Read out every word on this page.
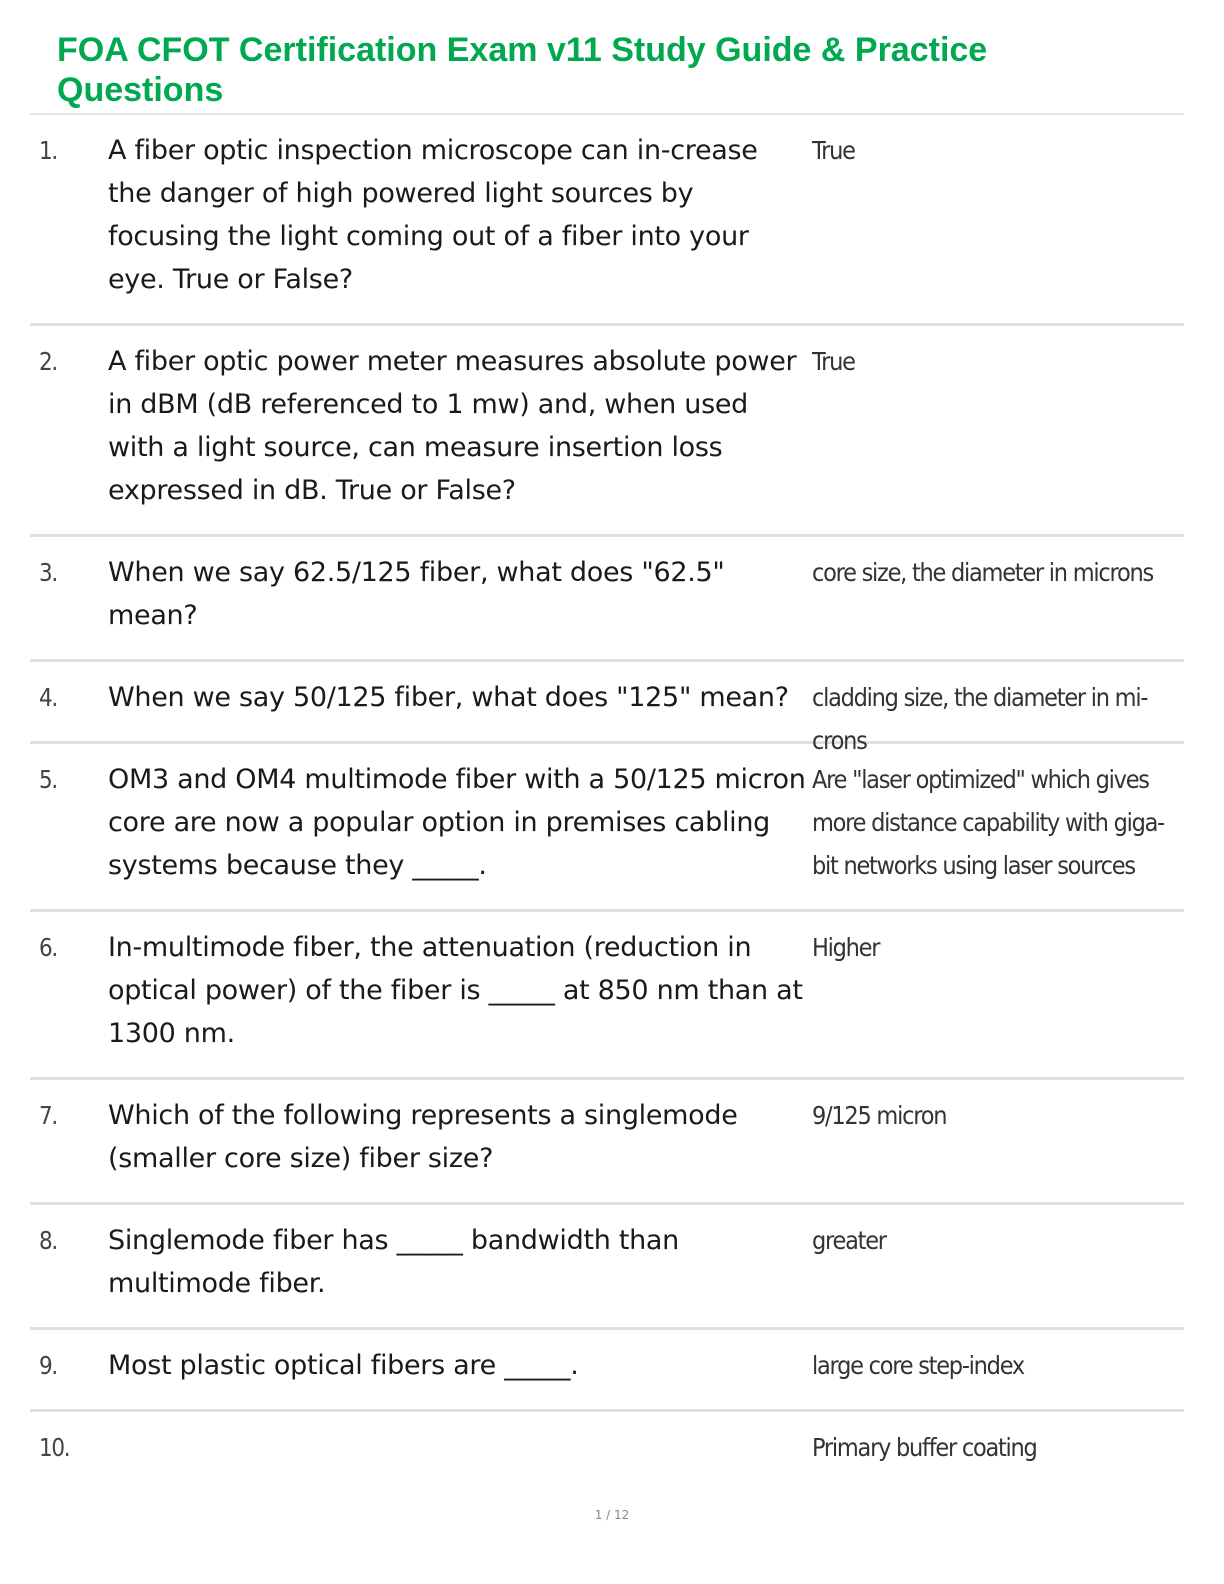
FOA CFOT Certification Exam v11 Study Guide & Practice Questions
1. A fiber optic inspection microscope can in-crease the danger of high powered light sources by focusing the light coming out of a fiber into your eye. True or False?
True
2. A fiber optic power meter measures absolute power in dBM (dB referenced to 1 mw) and, when used with a light source, can measure insertion loss expressed in dB. True or False?
True
3. When we say 62.5/125 fiber, what does "62.5" mean?
core size, the diameter in microns
4. When we say 50/125 fiber, what does "125" mean? cladding size, the diameter in mi-crons
5. OM3 and OM4 multimode fiber with a 50/125 micron core are now a popular option in premises cabling systems because they _____.
Are "laser optimized" which gives more distance capability with giga-bit networks using laser sources
6. In-multimode fiber, the attenuation (reduction in optical power) of the fiber is _____ at 850 nm than at 1300 nm.
Higher
7. Which of the following represents a singlemode (smaller core size) fiber size?
9/125 micron
8. Singlemode fiber has _____ bandwidth than multimode fiber.
greater
9. Most plastic optical fibers are _____.	large core step-index
10.	Primary buffer coating
1 / 12
